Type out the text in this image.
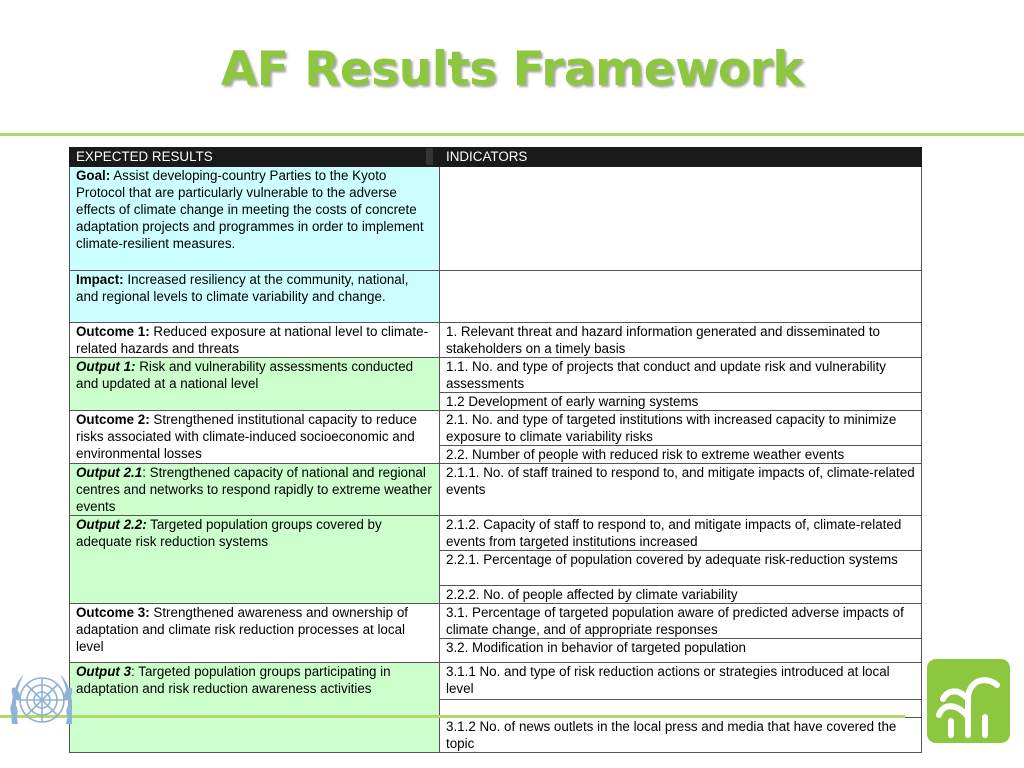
AF Results Framework
EXPECTED RESULTS	INDICATORS
Goal: Assist developing-country Parties to the Kyoto Protocol that are particularly vulnerable to the adverse effects of climate change in meeting the costs of concrete adaptation projects and programmes in order to implement climate-resilient measures.	
Impact: Increased resiliency at the community, national, and regional levels to climate variability and change.	
Outcome 1: Reduced exposure at national level to climate-related hazards and threats	1. Relevant threat and hazard information generated and disseminated to stakeholders on a timely basis
Output 1: Risk and vulnerability assessments conducted and updated at a national level	1.1. No. and type of projects that conduct and update risk and vulnerability assessments
	1.2 Development of early warning systems
Outcome 2: Strengthened institutional capacity to reduce risks associated with climate-induced socioeconomic and environmental losses	2.1. No. and type of targeted institutions with increased capacity to minimize exposure to climate variability risks
	2.2. Number of people with reduced risk to extreme weather events
Output 2.1: Strengthened capacity of national and regional centres and networks to respond rapidly to extreme weather events	2.1.1. No. of staff trained to respond to, and mitigate impacts of, climate-related events
Output 2.2: Targeted population groups covered by adequate risk reduction systems	2.1.2. Capacity of staff to respond to, and mitigate impacts of, climate-related events from targeted institutions increased
	2.2.1. Percentage of population covered by adequate risk-reduction systems
	2.2.2. No. of people affected by climate variability
Outcome 3: Strengthened awareness and ownership of adaptation and climate risk reduction processes at local level	3.1. Percentage of targeted population aware of predicted adverse impacts of climate change, and of appropriate responses
	3.2. Modification in behavior of targeted population
Output 3: Targeted population groups participating in adaptation and risk reduction awareness activities	3.1.1 No. and type of risk reduction actions or strategies introduced at local level

	3.1.2 No. of news outlets in the local press and media that have covered the topic
